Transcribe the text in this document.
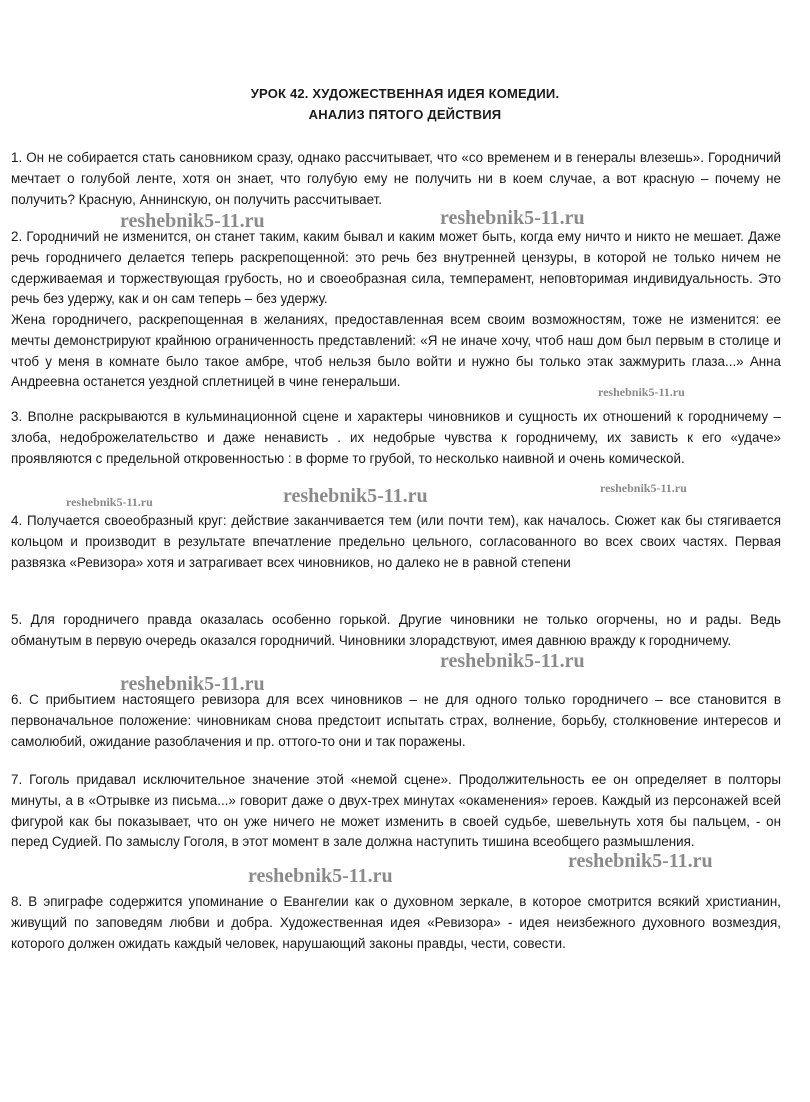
УРОК 42. ХУДОЖЕСТВЕННАЯ ИДЕЯ КОМЕДИИ.
АНАЛИЗ ПЯТОГО ДЕЙСТВИЯ

1. Он не собирается стать сановником сразу, однако рассчитывает, что «со временем и в генералы влезешь». Городничий мечтает о голубой ленте, хотя он знает, что голубую ему не получить ни в коем случае, а вот красную – почему не получить? Красную, Аннинскую, он получить рассчитывает.

2. Городничий не изменится, он станет таким, каким бывал и каким может быть, когда ему ничто и никто не мешает. Даже речь городничего делается теперь раскрепощенной: это речь без внутренней цензуры, в которой не только ничем не сдерживаемая и торжествующая грубость, но и своеобразная сила, темперамент, неповторимая индивидуальность. Это речь без удержу, как и он сам теперь – без удержу.

Жена городничего, раскрепощенная в желаниях, предоставленная всем своим возможностям, тоже не изменится: ее мечты демонстрируют крайнюю ограниченность представлений: «Я не иначе хочу, чтоб наш дом был первым в столице и чтоб у меня в комнате было такое амбре, чтоб нельзя было войти и нужно бы только этак зажмурить глаза...» Анна Андреевна останется уездной сплетницей в чине генеральши.

3. Вполне раскрываются в кульминационной сцене и характеры чиновников и сущность их отношений к городничему – злоба, недоброжелательство и даже ненависть . их недобрые чувства к городничему, их зависть к его «удаче» проявляются с предельной откровенностью : в форме то грубой, то несколько наивной и очень комической.

4. Получается своеобразный круг: действие заканчивается тем (или почти тем), как началось. Сюжет как бы стягивается кольцом и производит в результате впечатление предельно цельного, согласованного во всех своих частях. Первая развязка «Ревизора» хотя и затрагивает всех чиновников, но далеко не в равной степени

5. Для городничего правда оказалась особенно горькой. Другие чиновники не только огорчены, но и рады. Ведь обманутым в первую очередь оказался городничий. Чиновники злорадствуют, имея давнюю вражду к городничему.

6. С прибытием настоящего ревизора для всех чиновников – не для одного только городничего – все становится в первоначальное положение: чиновникам снова предстоит испытать страх, волнение, борьбу, столкновение интересов и самолюбий, ожидание разоблачения и пр. оттого-то они и так поражены.

7. Гоголь придавал исключительное значение этой «немой сцене». Продолжительность ее он определяет в полторы минуты, а в «Отрывке из письма...» говорит даже о двух-трех минутах «окаменения» героев. Каждый из персонажей всей фигурой как бы показывает, что он уже ничего не может изменить в своей судьбе, шевельнуть хотя бы пальцем, - он перед Судией. По замыслу Гоголя, в этот момент в зале должна наступить тишина всеобщего размышления.

8. В эпиграфе содержится упоминание о Евангелии как о духовном зеркале, в которое смотрится всякий христианин, живущий по заповедям любви и добра. Художественная идея «Ревизора» - идея неизбежного духовного возмездия, которого должен ожидать каждый человек, нарушающий законы правды, чести, совести.

reshebnik5-11.ru	reshebnik5-11.ru
reshebnik5-11.ru
reshebnik5-11.ru
reshebnik5-11.ru	reshebnik5-11.ru
reshebnik5-11.ru
reshebnik5-11.ru
reshebnik5-11.ru
reshebnik5-11.ru
